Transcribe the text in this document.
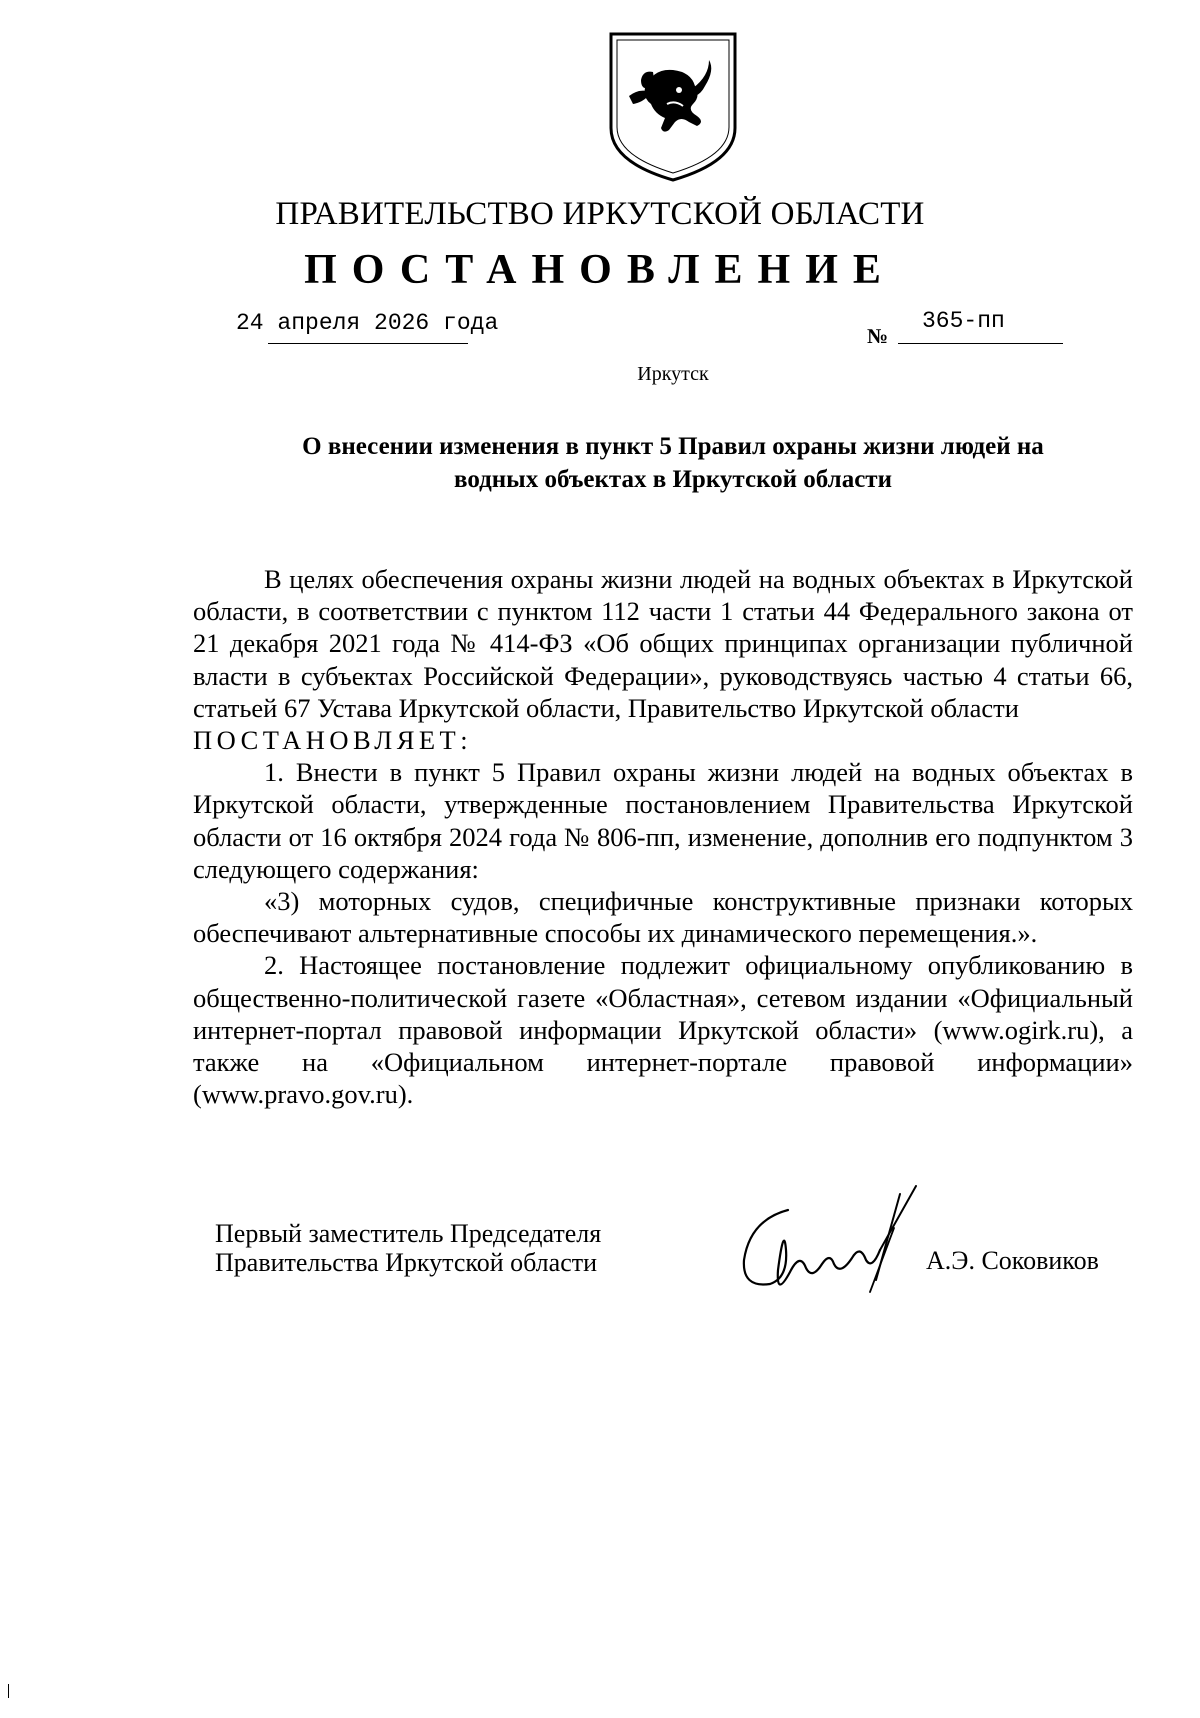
ПРАВИТЕЛЬСТВО ИРКУТСКОЙ ОБЛАСТИ
ПОСТАНОВЛЕНИЕ
24 апреля 2026 года	№
365-пп
Иркутск
О внесении изменения в пункт 5 Правил охраны жизни людей на
водных объектах в Иркутской области

В целях обеспечения охраны жизни людей на водных объектах в Иркутской области, в соответствии с пунктом 112 части 1 статьи 44 Федерального закона от 21 декабря 2021 года № 414-ФЗ «Об общих принципах организации публичной власти в субъектах Российской Федерации», руководствуясь частью 4 статьи 66, статьей 67 Устава Иркутской области, Правительство Иркутской области

ПОСТАНОВЛЯЕТ:

1. Внести в пункт 5 Правил охраны жизни людей на водных объектах в Иркутской области, утвержденные постановлением Правительства Иркутской области от 16 октября 2024 года № 806-пп, изменение, дополнив его подпунктом 3 следующего содержания:

«3) моторных судов, специфичные конструктивные признаки которых обеспечивают альтернативные способы их динамического перемещения.».

2. Настоящее постановление подлежит официальному опубликованию в общественно-политической газете «Областная», сетевом издании «Официальный интернет-портал правовой информации Иркутской области» (www.ogirk.ru), а также на «Официальном интернет-портале правовой информации» (www.pravo.gov.ru).

Первый заместитель Председателя
Правительства Иркутской области	А.Э. Соковиков
